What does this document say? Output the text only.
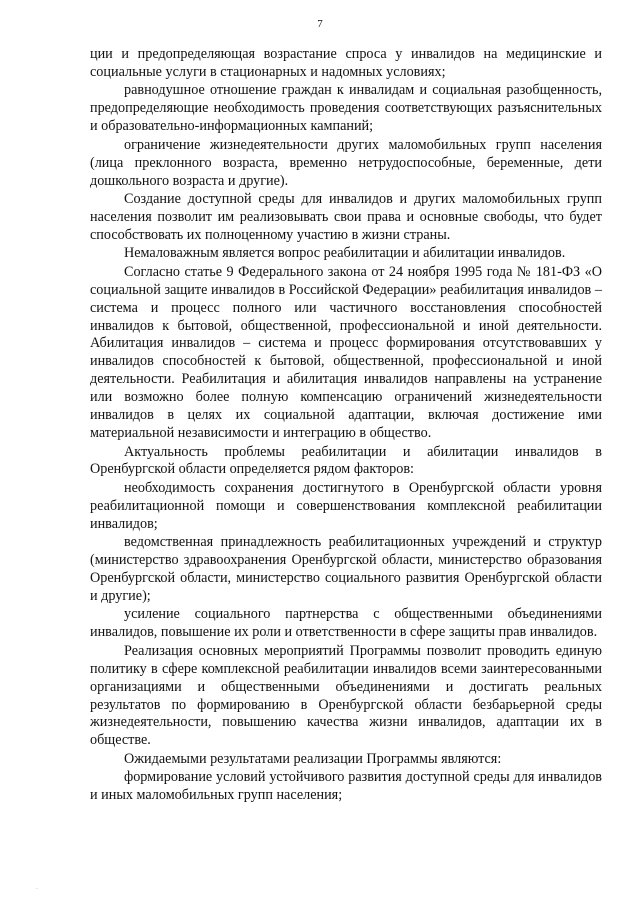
7

ции и предопределяющая возрастание спроса у инвалидов на медицинские и социальные услуги в стационарных и надомных условиях;

равнодушное отношение граждан к инвалидам и социальная разобщенность, предопределяющие необходимость проведения соответствующих разъяснительных и образовательно-информационных кампаний;

ограничение жизнедеятельности других маломобильных групп населения (лица преклонного возраста, временно нетрудоспособные, беременные, дети дошкольного возраста и другие).

Создание доступной среды для инвалидов и других маломобильных групп населения позволит им реализовывать свои права и основные свободы, что будет способствовать их полноценному участию в жизни страны.

Немаловажным является вопрос реабилитации и абилитации инвалидов.

Согласно статье 9 Федерального закона от 24 ноября 1995 года № 181-ФЗ «О социальной защите инвалидов в Российской Федерации» реабилитация инвалидов – система и процесс полного или частичного восстановления способностей инвалидов к бытовой, общественной, профессиональной и иной деятельности. Абилитация инвалидов – система и процесс формирования отсутствовавших у инвалидов способностей к бытовой, общественной, профессиональной и иной деятельности. Реабилитация и абилитация инвалидов направлены на устранение или возможно более полную компенсацию ограничений жизнедеятельности инвалидов в целях их социальной адаптации, включая достижение ими материальной независимости и интеграцию в общество.

Актуальность проблемы реабилитации и абилитации инвалидов в Оренбургской области определяется рядом факторов:

необходимость сохранения достигнутого в Оренбургской области уровня реабилитационной помощи и совершенствования комплексной реабилитации инвалидов;

ведомственная принадлежность реабилитационных учреждений и структур (министерство здравоохранения Оренбургской области, министерство образования Оренбургской области, министерство социального развития Оренбургской области и другие);

усиление социального партнерства с общественными объединениями инвалидов, повышение их роли и ответственности в сфере защиты прав инвалидов.

Реализация основных мероприятий Программы позволит проводить единую политику в сфере комплексной реабилитации инвалидов всеми заинтересованными организациями и общественными объединениями и достигать реальных результатов по формированию в Оренбургской области безбарьерной среды жизнедеятельности, повышению качества жизни инвалидов, адаптации их в обществе.

Ожидаемыми результатами реализации Программы являются:

формирование условий устойчивого развития доступной среды для инвалидов и иных маломобильных групп населения;

.
